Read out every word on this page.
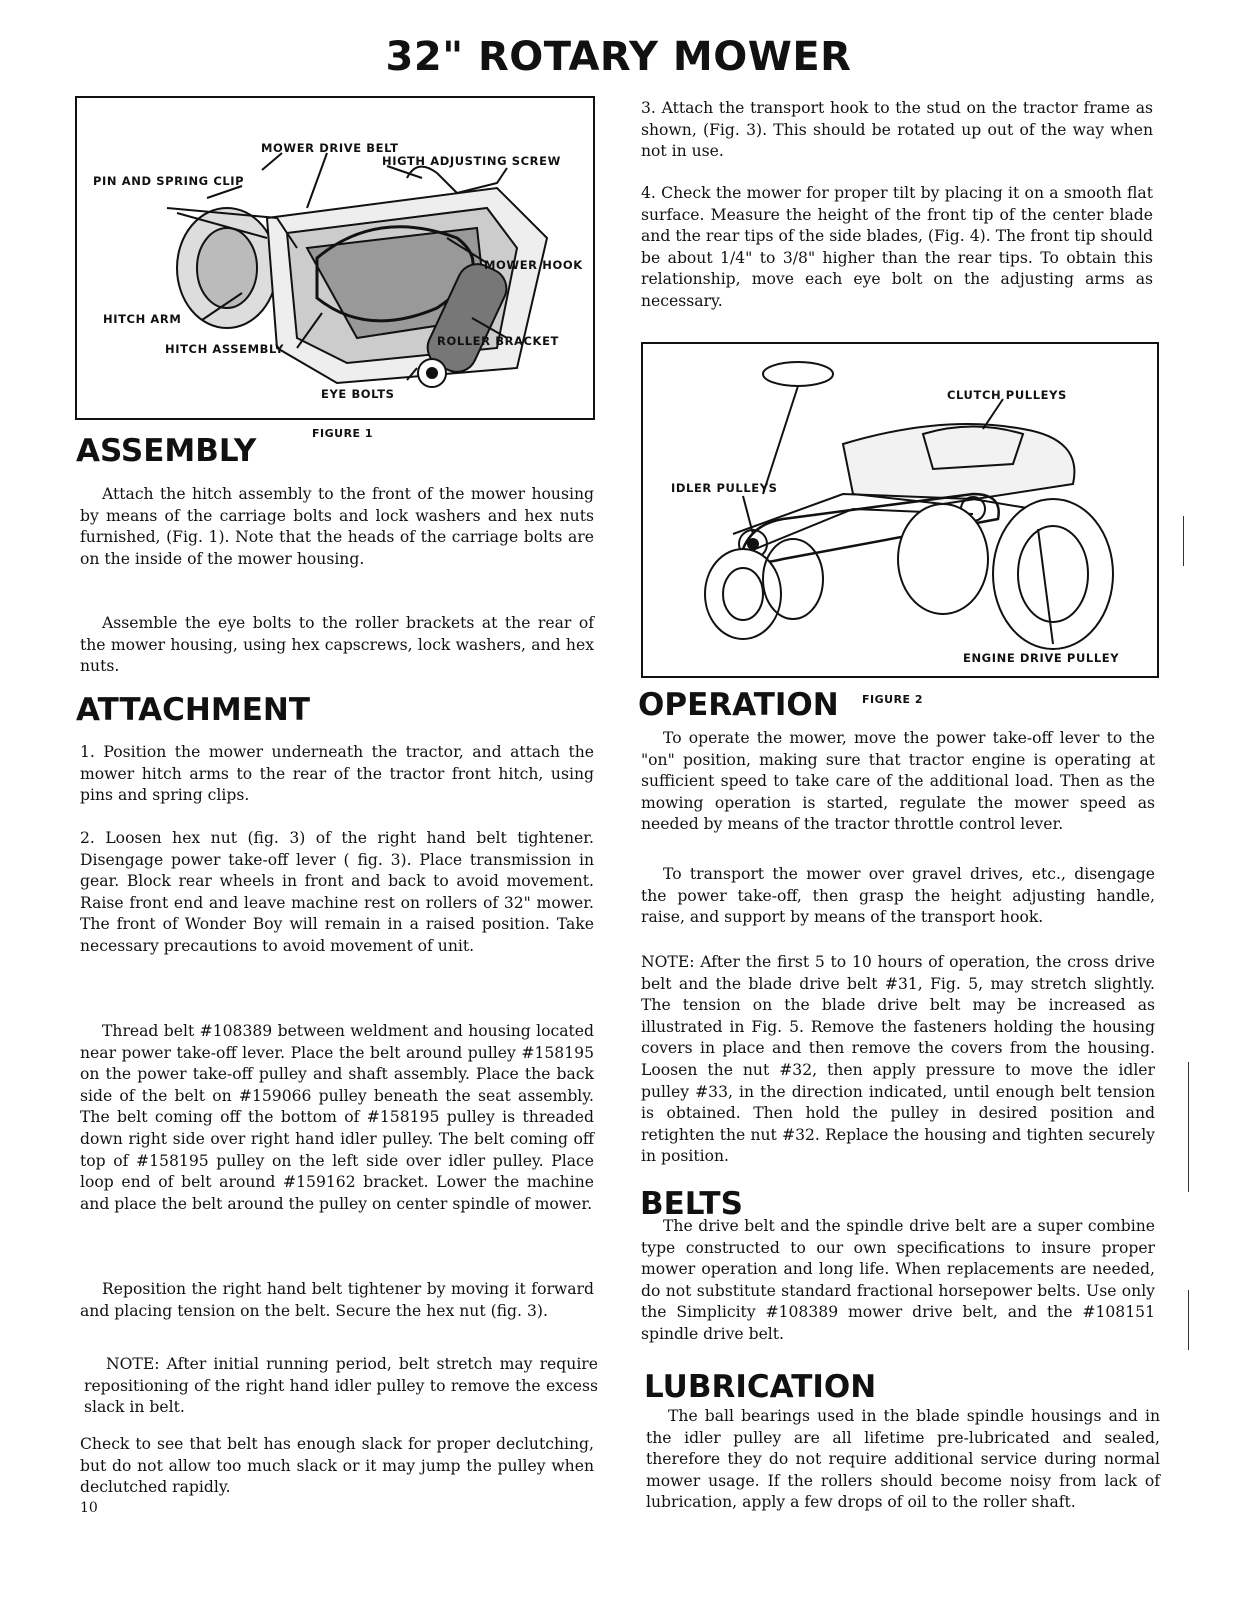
32" ROTARY MOWER
MOWER DRIVE BELT
HIGTH ADJUSTING SCREW
PIN AND SPRING CLIP
MOWER HOOK
HITCH ARM
ROLLER BRACKET
HITCH ASSEMBLY
EYE BOLTS
FIGURE 1
ASSEMBLY

Attach the hitch assembly to the front of the mower housing by means of the carriage bolts and lock washers and hex nuts furnished, (Fig. 1). Note that the heads of the carriage bolts are on the inside of the mower housing.

Assemble the eye bolts to the roller brackets at the rear of the mower housing, using hex capscrews, lock washers, and hex nuts.

ATTACHMENT

1. Position the mower underneath the tractor, and attach the mower hitch arms to the rear of the tractor front hitch, using pins and spring clips.

2. Loosen hex nut (fig. 3) of the right hand belt tightener. Disengage power take-off lever ( fig. 3). Place transmission in gear. Block rear wheels in front and back to avoid movement. Raise front end and leave machine rest on rollers of 32" mower. The front of Wonder Boy will remain in a raised position. Take necessary precautions to avoid movement of unit.

Thread belt #108389 between weldment and housing located near power take-off lever. Place the belt around pulley #158195 on the power take-off pulley and shaft assembly. Place the back side of the belt on #159066 pulley beneath the seat assembly. The belt coming off the bottom of #158195 pulley is threaded down right side over right hand idler pulley. The belt coming off top of #158195 pulley on the left side over idler pulley. Place loop end of belt around #159162 bracket. Lower the machine and place the belt around the pulley on center spindle of mower.

Reposition the right hand belt tightener by moving it forward and placing tension on the belt. Secure the hex nut (fig. 3).

NOTE: After initial running period, belt stretch may require repositioning of the right hand idler pulley to remove the excess slack in belt.

Check to see that belt has enough slack for proper declutching, but do not allow too much slack or it may jump the pulley when declutched rapidly.

10

3. Attach the transport hook to the stud on the tractor frame as shown, (Fig. 3). This should be rotated up out of the way when not in use.

4. Check the mower for proper tilt by placing it on a smooth flat surface. Measure the height of the front tip of the center blade and the rear tips of the side blades, (Fig. 4). The front tip should be about 1/4" to 3/8" higher than the rear tips. To obtain this relationship, move each eye bolt on the adjusting arms as necessary.

CLUTCH PULLEYS
IDLER PULLEYS
ENGINE DRIVE PULLEY
OPERATION FIGURE 2

To operate the mower, move the power take-off lever to the "on" position, making sure that tractor engine is operating at sufficient speed to take care of the additional load. Then as the mowing operation is started, regulate the mower speed as needed by means of the tractor throttle control lever.

To transport the mower over gravel drives, etc., disengage the power take-off, then grasp the height adjusting handle, raise, and support by means of the transport hook.

NOTE: After the first 5 to 10 hours of operation, the cross drive belt and the blade drive belt #31, Fig. 5, may stretch slightly. The tension on the blade drive belt may be increased as illustrated in Fig. 5. Remove the fasteners holding the housing covers in place and then remove the covers from the housing. Loosen the nut #32, then apply pressure to move the idler pulley #33, in the direction indicated, until enough belt tension is obtained. Then hold the pulley in desired position and retighten the nut #32. Replace the housing and tighten securely in position.

BELTS

The drive belt and the spindle drive belt are a super combine type constructed to our own specifications to insure proper mower operation and long life. When replacements are needed, do not substitute standard fractional horsepower belts. Use only the Simplicity #108389 mower drive belt, and the #108151 spindle drive belt.

LUBRICATION

The ball bearings used in the blade spindle housings and in the idler pulley are all lifetime pre-lubricated and sealed, therefore they do not require additional service during normal mower usage. If the rollers should become noisy from lack of lubrication, apply a few drops of oil to the roller shaft.
